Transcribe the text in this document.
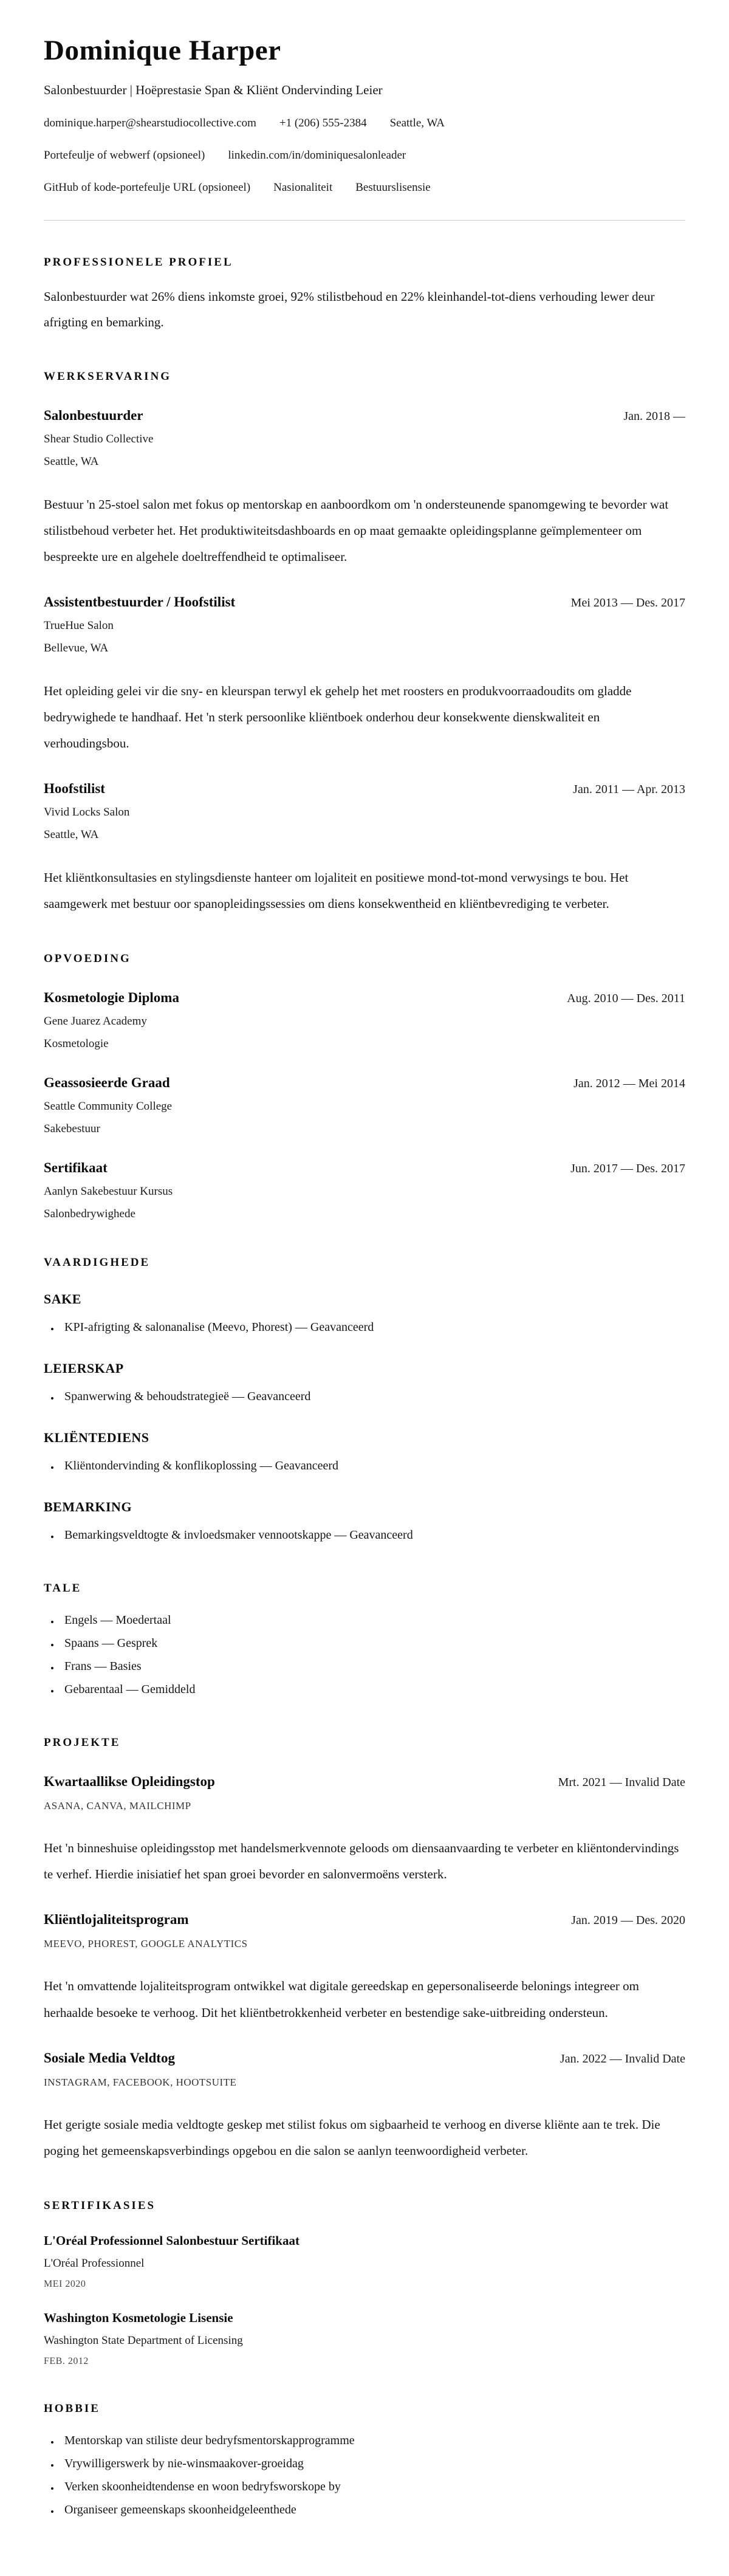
Dominique Harper

Salonbestuurder | Hoëprestasie Span & Kliënt Ondervinding Leier

dominique.harper@shearstudiocollective.com +1 (206) 555-2384 Seattle, WA
Portefeulje of webwerf (opsioneel) linkedin.com/in/dominiquesalonleader
GitHub of kode-portefeulje URL (opsioneel) Nasionaliteit Bestuurslisensie
PROFESSIONELE PROFIEL

Salonbestuurder wat 26% diens inkomste groei, 92% stilistbehoud en 22% kleinhandel-tot-diens verhouding lewer deur afrigting en bemarking.

WERKSERVARING
Salonbestuurder	Jan. 2018 —

Shear Studio Collective

Seattle, WA

Bestuur 'n 25-stoel salon met fokus op mentorskap en aanboordkom om 'n ondersteunende spanomgewing te bevorder wat stilistbehoud verbeter het. Het produktiwiteitsdashboards en op maat gemaakte opleidingsplanne geïmplementeer om bespreekte ure en algehele doeltreffendheid te optimaliseer.

Assistentbestuurder / Hoofstilist	Mei 2013 — Des. 2017

TrueHue Salon

Bellevue, WA

Het opleiding gelei vir die sny- en kleurspan terwyl ek gehelp het met roosters en produkvoorraadoudits om gladde bedrywighede te handhaaf. Het 'n sterk persoonlike kliëntboek onderhou deur konsekwente dienskwaliteit en verhoudingsbou.

Hoofstilist	Jan. 2011 — Apr. 2013

Vivid Locks Salon

Seattle, WA

Het kliëntkonsultasies en stylingsdienste hanteer om lojaliteit en positiewe mond-tot-mond verwysings te bou. Het saamgewerk met bestuur oor spanopleidingssessies om diens konsekwentheid en kliëntbevrediging te verbeter.

OPVOEDING
Kosmetologie Diploma	Aug. 2010 — Des. 2011

Gene Juarez Academy

Kosmetologie

Geassosieerde Graad	Jan. 2012 — Mei 2014

Seattle Community College

Sakebestuur

Sertifikaat	Jun. 2017 — Des. 2017

Aanlyn Sakebestuur Kursus

Salonbedrywighede

VAARDIGHEDE
SAKE
• KPI-afrigting & salonanalise (Meevo, Phorest) — Geavanceerd
LEIERSKAP
• Spanwerwing & behoudstrategieë — Geavanceerd
KLIËNTEDIENS
• Kliëntondervinding & konflikoplossing — Geavanceerd
BEMARKING
• Bemarkingsveldtogte & invloedsmaker vennootskappe — Geavanceerd
TALE
• Engels — Moedertaal
• Spaans — Gesprek
• Frans — Basies
• Gebarentaal — Gemiddeld
PROJEKTE
Kwartaallikse Opleidingstop	Mrt. 2021 — Invalid Date

ASANA, CANVA, MAILCHIMP

Het 'n binneshuise opleidingsstop met handelsmerkvennote geloods om diensaanvaarding te verbeter en kliëntondervindings te verhef. Hierdie inisiatief het span groei bevorder en salonvermoëns versterk.

Kliëntlojaliteitsprogram	Jan. 2019 — Des. 2020

MEEVO, PHOREST, GOOGLE ANALYTICS

Het 'n omvattende lojaliteitsprogram ontwikkel wat digitale gereedskap en gepersonaliseerde belonings integreer om herhaalde besoeke te verhoog. Dit het kliëntbetrokkenheid verbeter en bestendige sake-uitbreiding ondersteun.

Sosiale Media Veldtog	Jan. 2022 — Invalid Date

INSTAGRAM, FACEBOOK, HOOTSUITE

Het gerigte sosiale media veldtogte geskep met stilist fokus om sigbaarheid te verhoog en diverse kliënte aan te trek. Die poging het gemeenskapsverbindings opgebou en die salon se aanlyn teenwoordigheid verbeter.

SERTIFIKASIES
L'Oréal Professionnel Salonbestuur Sertifikaat

L'Oréal Professionnel

MEI 2020

Washington Kosmetologie Lisensie

Washington State Department of Licensing

FEB. 2012

HOBBIE
• Mentorskap van stiliste deur bedryfsmentorskapprogramme
• Vrywilligerswerk by nie-winsmaakover-groeidag
• Verken skoonheidtendense en woon bedryfsworskope by
• Organiseer gemeenskaps skoonheidgeleenthede
